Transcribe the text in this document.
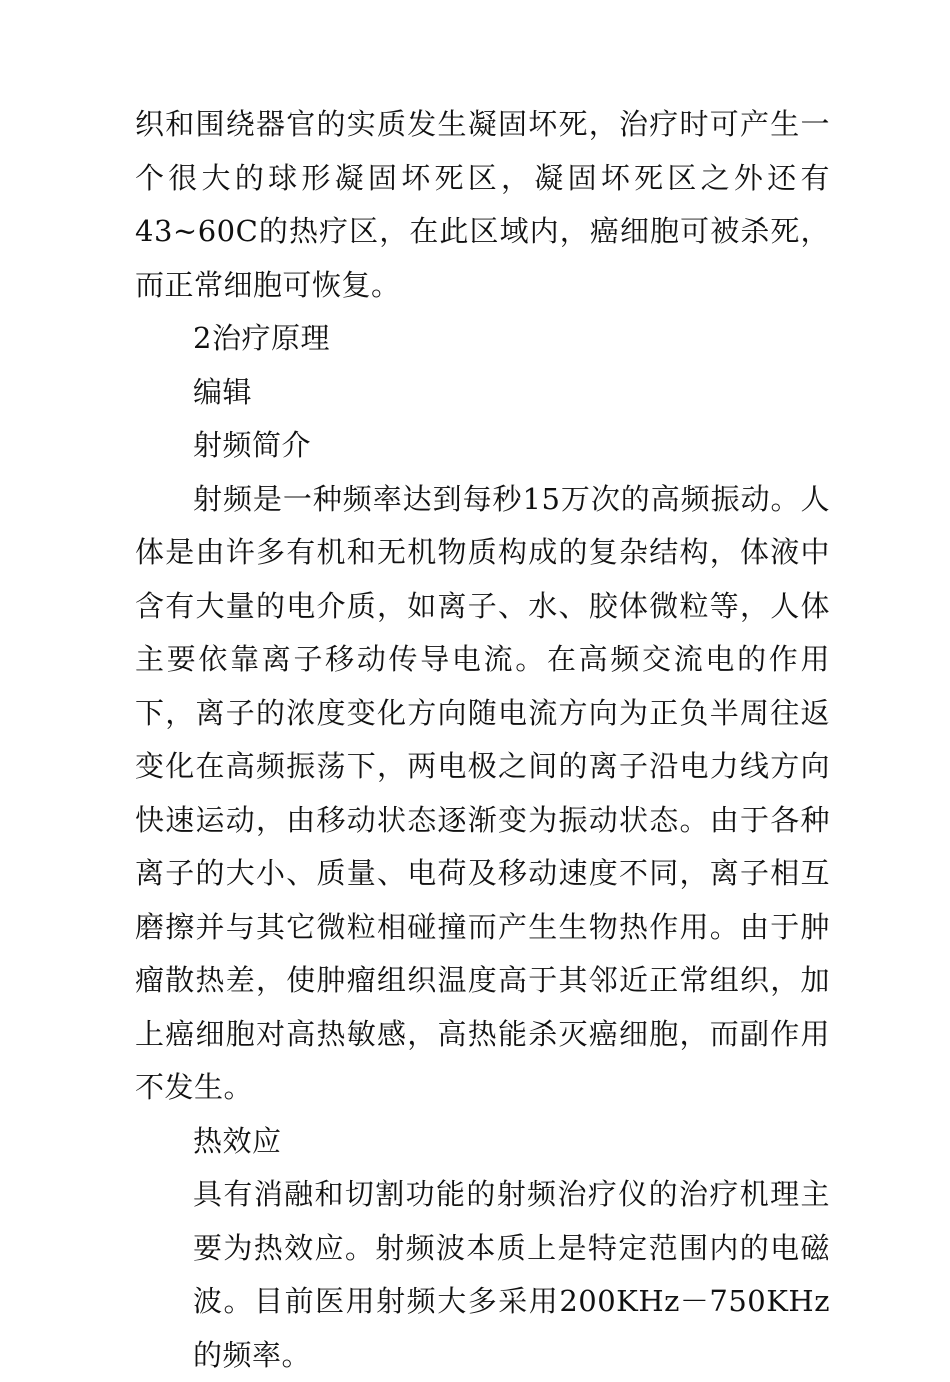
织和围绕器官的实质发生凝固坏死，治疗时可产生一个很大的球形凝固坏死区，凝固坏死区之外还有43~60C的热疗区，在此区域内，癌细胞可被杀死，而正常细胞可恢复。

2治疗原理

编辑

射频简介

射频是一种频率达到每秒15万次的高频振动。人体是由许多有机和无机物质构成的复杂结构，体液中含有大量的电介质，如离子、水、胶体微粒等，人体主要依靠离子移动传导电流。在高频交流电的作用下，离子的浓度变化方向随电流方向为正负半周往返变化在高频振荡下，两电极之间的离子沿电力线方向快速运动，由移动状态逐渐变为振动状态。由于各种离子的大小、质量、电荷及移动速度不同，离子相互磨擦并与其它微粒相碰撞而产生生物热作用。由于肿瘤散热差，使肿瘤组织温度高于其邻近正常组织，加上癌细胞对高热敏感，高热能杀灭癌细胞，而副作用不发生。

热效应

具有消融和切割功能的射频治疗仪的治疗机理主要为热效应。射频波本质上是特定范围内的电磁波。目前医用射频大多采用200KHz－750KHz的频率。
